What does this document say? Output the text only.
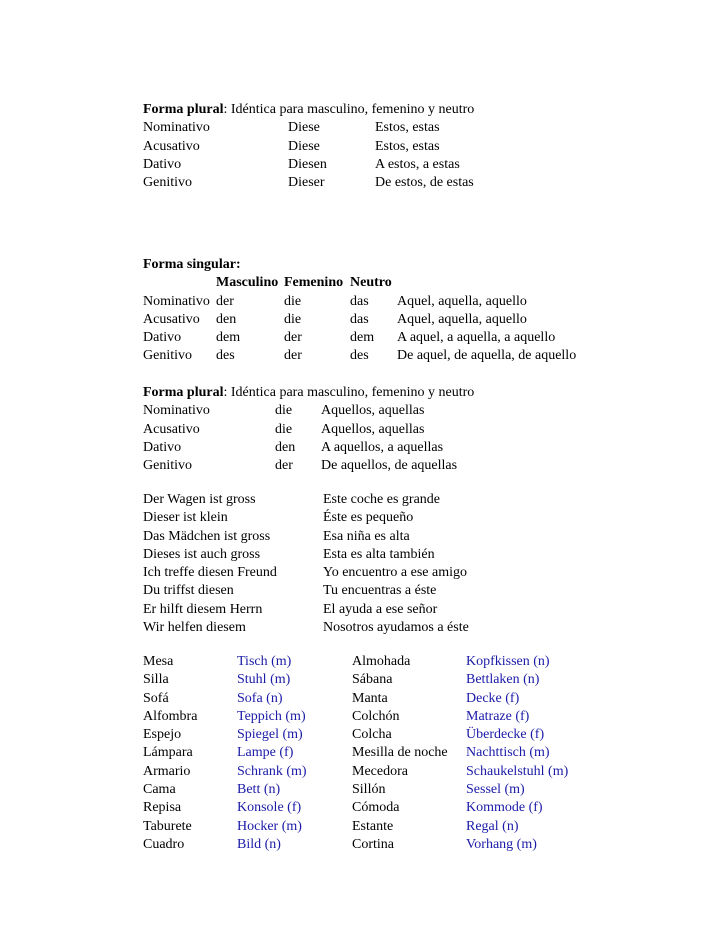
Forma plural: Idéntica para masculino, femenino y neutro
Nominativo	Diese	Estos, estas
Acusativo	Diese	Estos, estas
Dativo	Diesen	A estos, a estas
Genitivo	Dieser	De estos, de estas
Forma singular:
Masculino Femenino Neutro
Nominativo der	die	das Aquel, aquella, aquello
Acusativo den	die	das Aquel, aquella, aquello
Dativo dem	der	dem A aquel, a aquella, a aquello
Genitivo des	der	des De aquel, de aquella, de aquello
Forma plural: Idéntica para masculino, femenino y neutro
Nominativo	die Aquellos, aquellas
Acusativo	die Aquellos, aquellas
Dativo	den A aquellos, a aquellas
Genitivo	der De aquellos, de aquellas
Der Wagen ist gross	Este coche es grande
Dieser ist klein	Éste es pequeño
Das Mädchen ist gross	Esa niña es alta
Dieses ist auch gross	Esta es alta también
Ich treffe diesen Freund	Yo encuentro a ese amigo
Du triffst diesen	Tu encuentras a éste
Er hilft diesem Herrn	El ayuda a ese señor
Wir helfen diesem	Nosotros ayudamos a éste
Mesa	Tisch (m)	Almohada	Kopfkissen (n)
Silla	Stuhl (m)	Sábana	Bettlaken (n)
Sofá	Sofa (n)	Manta	Decke (f)
Alfombra	Teppich (m)	Colchón	Matraze (f)
Espejo	Spiegel (m)	Colcha	Überdecke (f)
Lámpara	Lampe (f)	Mesilla de noche Nachttisch (m)
Armario	Schrank (m)	Mecedora	Schaukelstuhl (m)
Cama	Bett (n)	Sillón	Sessel (m)
Repisa	Konsole (f)	Cómoda	Kommode (f)
Taburete	Hocker (m)	Estante	Regal (n)
Cuadro	Bild (n)	Cortina	Vorhang (m)
